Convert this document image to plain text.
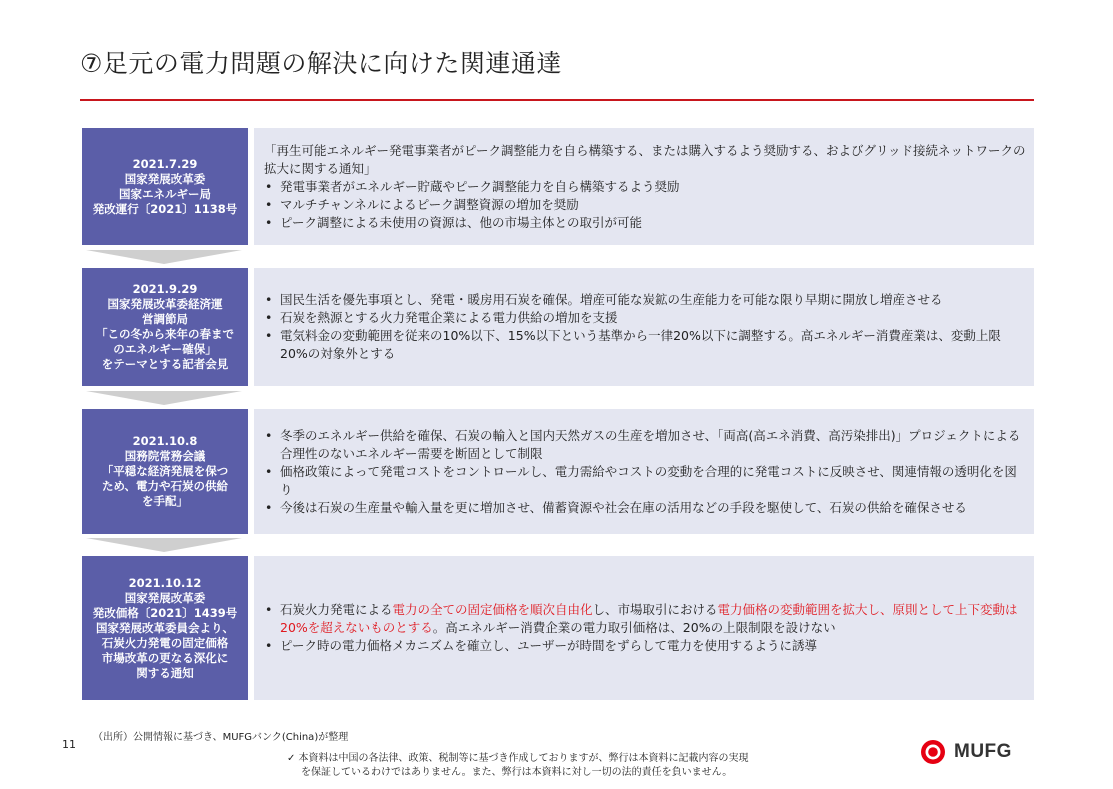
⑦足元の電力問題の解決に向けた関連通達
2021.7.29
国家発展改革委
国家エネルギー局
発改運行〔2021〕1138号
「再生可能エネルギー発電事業者がピーク調整能力を自ら構築する、または購入するよう奨励する、およびグリッド接続ネットワークの拡大に関する通知」
• 発電事業者がエネルギー貯蔵やピーク調整能力を自ら構築するよう奨励
• マルチチャンネルによるピーク調整資源の増加を奨励
• ピーク調整による未使用の資源は、他の市場主体との取引が可能
2021.9.29
国家発展改革委経済運
営調節局
「この冬から来年の春まで
のエネルギー確保」
をテーマとする記者会見
• 国民生活を優先事項とし、発電・暖房用石炭を確保。増産可能な炭鉱の生産能力を可能な限り早期に開放し増産させる
• 石炭を熱源とする火力発電企業による電力供給の増加を支援
• 電気料金の変動範囲を従来の10%以下、15%以下という基準から一律20%以下に調整する。高エネルギー消費産業は、変動上限20%の対象外とする
2021.10.8
国務院常務会議
「平穏な経済発展を保つ
ため、電力や石炭の供給
を手配」
• 冬季のエネルギー供給を確保、石炭の輸入と国内天然ガスの生産を増加させ、「両高(高エネ消費、高汚染排出)」プロジェクトによる合理性のないエネルギー需要を断固として制限
• 価格政策によって発電コストをコントロールし、電力需給やコストの変動を合理的に発電コストに反映させ、関連情報の透明化を図り
• 今後は石炭の生産量や輸入量を更に増加させ、備蓄資源や社会在庫の活用などの手段を駆使して、石炭の供給を確保させる
2021.10.12
国家発展改革委
発改価格〔2021〕1439号
国家発展改革委員会より、
石炭火力発電の固定価格
市場改革の更なる深化に
関する通知
• 石炭火力発電による電力の全ての固定価格を順次自由化し、市場取引における電力価格の変動範囲を拡大し、原則として上下変動は20%を超えないものとする。高エネルギー消費企業の電力取引価格は、20%の上限制限を設けない
• ピーク時の電力価格メカニズムを確立し、ユーザーが時間をずらして電力を使用するように誘導
（出所）公開情報に基づき、MUFGバンク(China)が整理
11
✓ 本資料は中国の各法律、政策、税制等に基づき作成しておりますが、弊行は本資料に記載内容の実現
を保証しているわけではありません。また、弊行は本資料に対し一切の法的責任を負いません。
MUFG
